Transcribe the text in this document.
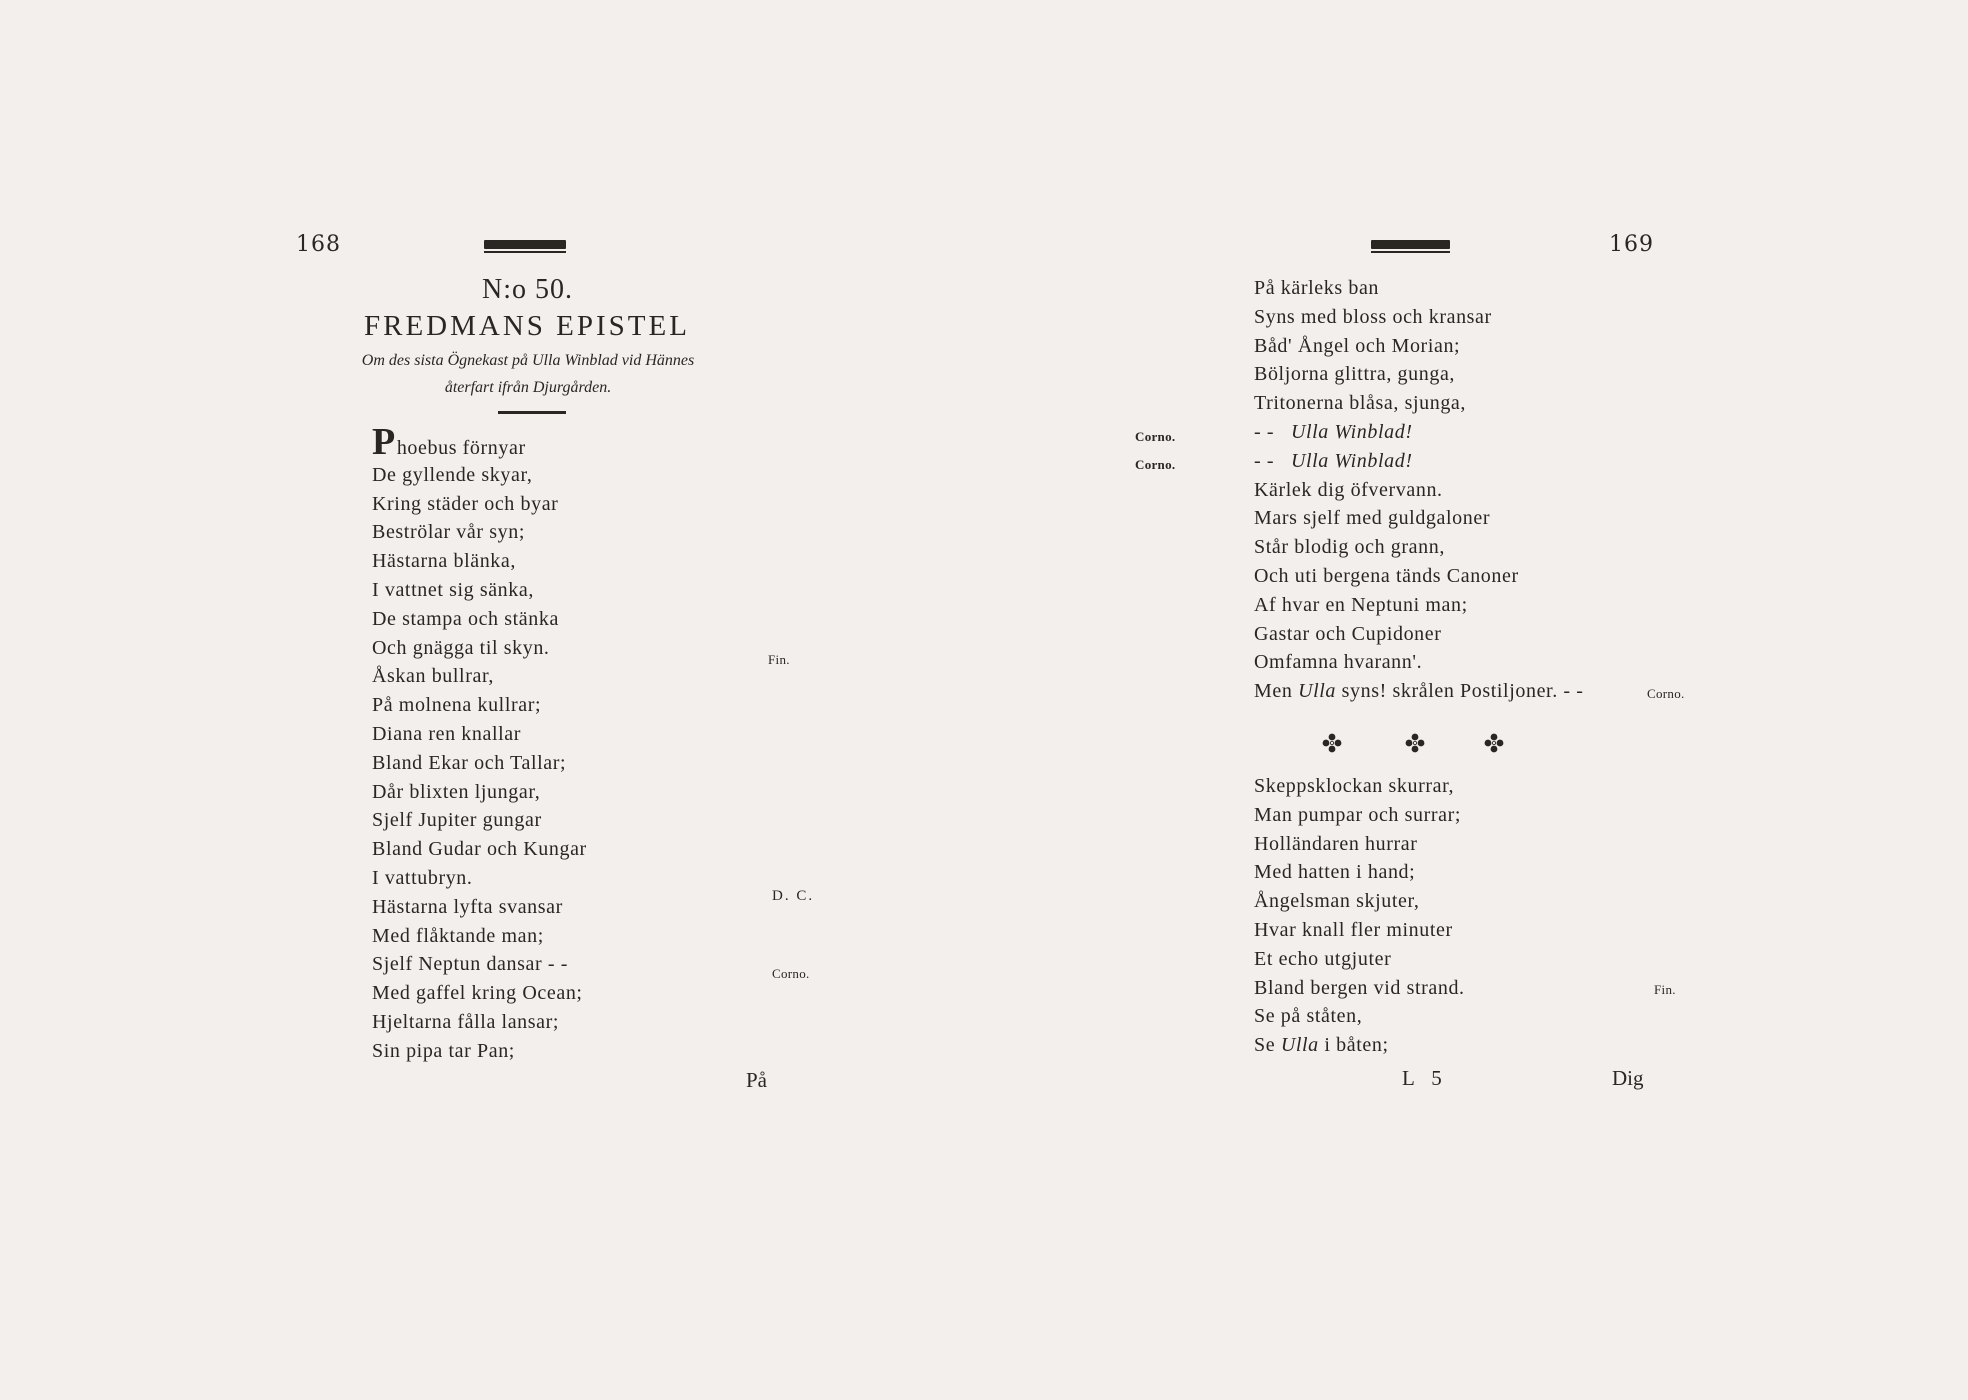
168
N:o 50.
FREDMANS EPISTEL
Om des sista Ögnekast på Ulla Winblad vid Hännes
återfart ifrån Djurgården.
Phoebus förnyar
De gyllende skyar,
Kring städer och byar
Beströlar vår syn;
Hästarna blänka,
I vattnet sig sänka,
De stampa och stänka
Och gnägga til skyn.
Åskan bullrar,
På molnena kullrar;
Diana ren knallar
Bland Ekar och Tallar;
Dår blixten ljungar,
Sjelf Jupiter gungar
Bland Gudar och Kungar
I vattubryn.
Hästarna lyfta svansar
Med flåktande man;
Sjelf Neptun dansar - -
Med gaffel kring Ocean;
Hjeltarna fålla lansar;
Sin pipa tar Pan;
Fin.
D. C.
Corno.
På
169
Corno.
Corno.
På kärleks ban
Syns med bloss och kransar
Båd' Ångel och Morian;
Böljorna glittra, gunga,
Tritonerna blåsa, sjunga,
- - Ulla Winblad!
- - Ulla Winblad!
Kärlek dig öfvervann.
Mars sjelf med guldgaloner
Står blodig och grann,
Och uti bergena tänds Canoner
Af hvar en Neptuni man;
Gastar och Cupidoner
Omfamna hvarann'.
Men Ulla syns! skrålen Postiljoner. - -	Corno.
Skeppsklockan skurrar,
Man pumpar och surrar;
Holländaren hurrar
Med hatten i hand;
Ångelsman skjuter,
Hvar knall fler minuter
Et echo utgjuter
Bland bergen vid strand.
Se på ståten,
Se Ulla i båten;
Fin.
L 5	Dig
